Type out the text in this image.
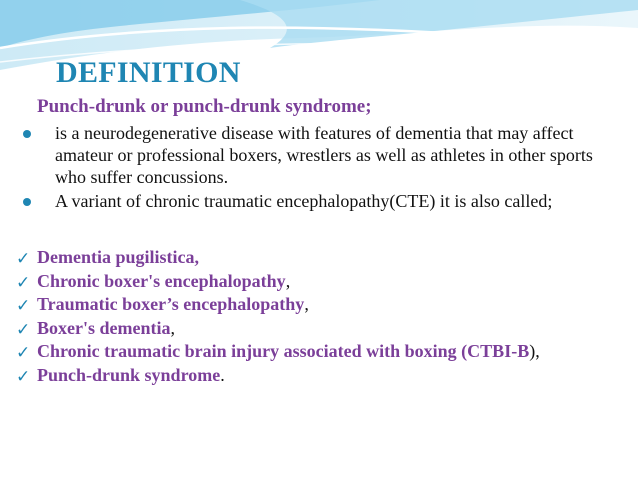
DEFINITION
Punch-drunk or punch-drunk syndrome;
is a neurodegenerative disease with features of dementia that may affect amateur or professional boxers, wrestlers as well as athletes in other sports who suffer concussions.
A variant of chronic traumatic encephalopathy(CTE) it is also called;
✓ Dementia pugilistica,
✓ Chronic boxer's encephalopathy,
✓ Traumatic boxer’s encephalopathy,
✓ Boxer's dementia,
✓ Chronic traumatic brain injury associated with boxing (CTBI-B),
✓ Punch-drunk syndrome.
